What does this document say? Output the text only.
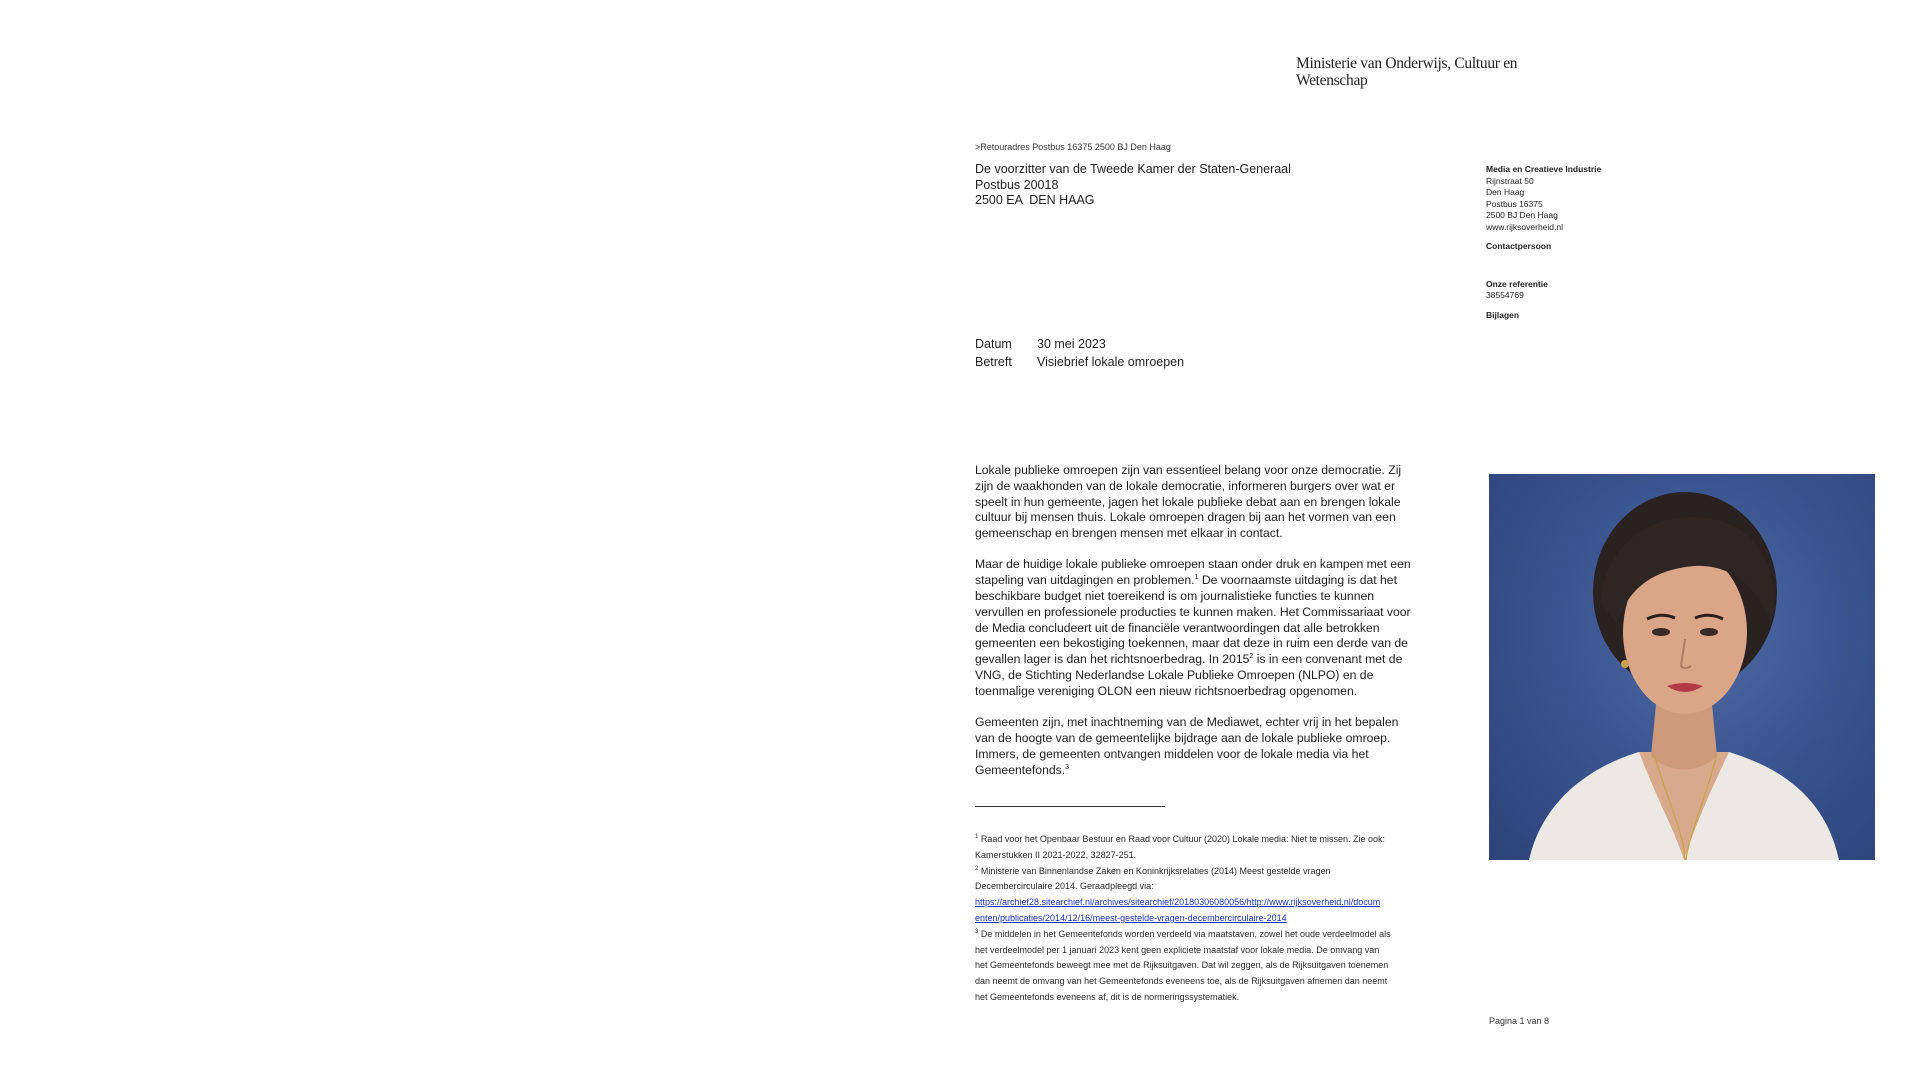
Ministerie van Onderwijs, Cultuur en
Wetenschap
>Retouradres Postbus 16375 2500 BJ Den Haag
De voorzitter van de Tweede Kamer der Staten-Generaal
Postbus 20018
2500 EA  DEN HAAG
Media en Creatieve Industrie
Rijnstraat 50
Den Haag
Postbus 16375
2500 BJ Den Haag
www.rijksoverheid.nl
Contactpersoon
Onze referentie
38554769
Bijlagen
Datum	30 mei 2023
Betreft	Visiebrief lokale omroepen

Lokale publieke omroepen zijn van essentieel belang voor onze democratie. Zij
zijn de waakhonden van de lokale democratie, informeren burgers over wat er
speelt in hun gemeente, jagen het lokale publieke debat aan en brengen lokale
cultuur bij mensen thuis. Lokale omroepen dragen bij aan het vormen van een
gemeenschap en brengen mensen met elkaar in contact.

Maar de huidige lokale publieke omroepen staan onder druk en kampen met een
stapeling van uitdagingen en problemen.$^1$ De voornaamste uitdaging is dat het
beschikbare budget niet toereikend is om journalistieke functies te kunnen
vervullen en professionele producties te kunnen maken. Het Commissariaat voor
de Media concludeert uit de financiële verantwoordingen dat alle betrokken
gemeenten een bekostiging toekennen, maar dat deze in ruim een derde van de
gevallen lager is dan het richtsnoerbedrag. In 2015$^2$ is in een convenant met de
VNG, de Stichting Nederlandse Lokale Publieke Omroepen (NLPO) en de
toenmalige vereniging OLON een nieuw richtsnoerbedrag opgenomen.

Gemeenten zijn, met inachtneming van de Mediawet, echter vrij in het bepalen
van de hoogte van de gemeentelijke bijdrage aan de lokale publieke omroep.
Immers, de gemeenten ontvangen middelen voor de lokale media via het
Gemeentefonds.$^3$

$^1$ Raad voor het Openbaar Bestuur en Raad voor Cultuur (2020) Lokale media: Niet te missen. Zie ook:
Kamerstukken II 2021-2022, 32827-251.
$^2$ Ministerie van Binnenlandse Zaken en Koninkrijksrelaties (2014) Meest gestelde vragen
Decembercirculaire 2014. Geraadpleegd via:
https://archief28.sitearchief.nl/archives/sitearchief/20180306080056/http://www.rijksoverheid.nl/docum
enten/publicaties/2014/12/16/meest-gestelde-vragen-decembercirculaire-2014
$^3$ De middelen in het Gemeentefonds worden verdeeld via maatstaven, zowel het oude verdeelmodel als
het verdeelmodel per 1 januari 2023 kent geen expliciete maatstaf voor lokale media. De omvang van
het Gemeentefonds beweegt mee met de Rijksuitgaven. Dat wil zeggen, als de Rijksuitgaven toenemen
dan neemt de omvang van het Gemeentefonds eveneens toe, als de Rijksuitgaven afnemen dan neemt
het Gemeentefonds eveneens af, dit is de normeringssystematiek.
Pagina 1 van 8
